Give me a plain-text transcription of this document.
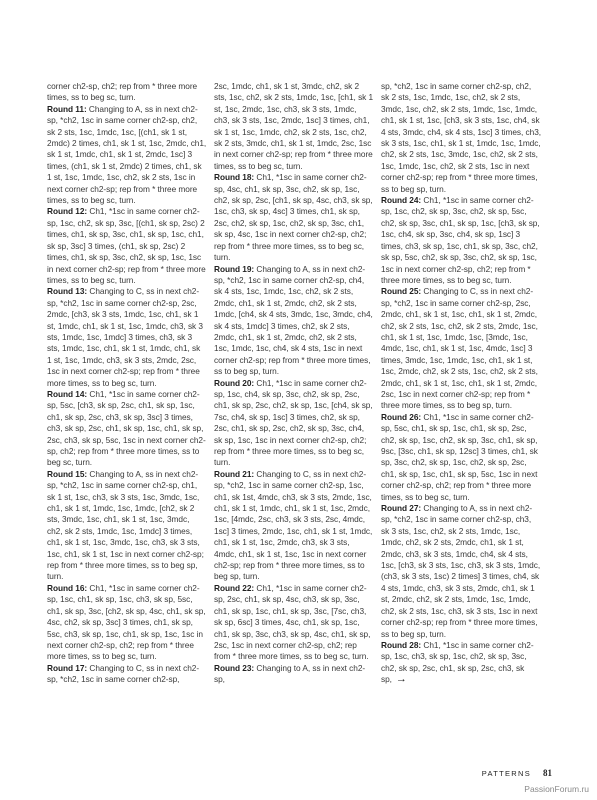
corner ch2-sp, ch2; rep from * three more times, ss to beg sc, turn.

Round 11: Changing to A, ss in next ch2-sp, *ch2, 1sc in same corner ch2-sp, ch2, sk 2 sts, 1sc, 1mdc, 1sc, [(ch1, sk 1 st, 2mdc) 2 times, ch1, sk 1 st, 1sc, 2mdc, ch1, sk 1 st, 1mdc, ch1, sk 1 st, 2mdc, 1sc] 3 times, (ch1, sk 1 st, 2mdc) 2 times, ch1, sk 1 st, 1sc, 1mdc, 1sc, ch2, sk 2 sts, 1sc in next corner ch2-sp; rep from * three more times, ss to beg sc, turn.

Round 12: Ch1, *1sc in same corner ch2-sp, 1sc, ch2, sk sp, 3sc, [(ch1, sk sp, 2sc) 2 times, ch1, sk sp, 3sc, ch1, sk sp, 1sc, ch1, sk sp, 3sc] 3 times, (ch1, sk sp, 2sc) 2 times, ch1, sk sp, 3sc, ch2, sk sp, 1sc, 1sc in next corner ch2-sp; rep from * three more times, ss to beg sc, turn.

Round 13: Changing to C, ss in next ch2-sp, *ch2, 1sc in same corner ch2-sp, 2sc, 2mdc, [ch3, sk 3 sts, 1mdc, 1sc, ch1, sk 1 st, 1mdc, ch1, sk 1 st, 1sc, 1mdc, ch3, sk 3 sts, 1mdc, 1sc, 1mdc] 3 times, ch3, sk 3 sts, 1mdc, 1sc, ch1, sk 1 st, 1mdc, ch1, sk 1 st, 1sc, 1mdc, ch3, sk 3 sts, 2mdc, 2sc, 1sc in next corner ch2-sp; rep from * three more times, ss to beg sc, turn.

Round 14: Ch1, *1sc in same corner ch2-sp, 5sc, [ch3, sk sp, 2sc, ch1, sk sp, 1sc, ch1, sk sp, 2sc, ch3, sk sp, 3sc] 3 times, ch3, sk sp, 2sc, ch1, sk sp, 1sc, ch1, sk sp, 2sc, ch3, sk sp, 5sc, 1sc in next corner ch2-sp, ch2; rep from * three more times, ss to beg sc, turn.

Round 15: Changing to A, ss in next ch2-sp, *ch2, 1sc in same corner ch2-sp, ch1, sk 1 st, 1sc, ch3, sk 3 sts, 1sc, 3mdc, 1sc, ch1, sk 1 st, 1mdc, 1sc, 1mdc, [ch2, sk 2 sts, 3mdc, 1sc, ch1, sk 1 st, 1sc, 3mdc, ch2, sk 2 sts, 1mdc, 1sc, 1mdc] 3 times, ch1, sk 1 st, 1sc, 3mdc, 1sc, ch3, sk 3 sts, 1sc, ch1, sk 1 st, 1sc in next corner ch2-sp; rep from * three more times, ss to beg sp, turn.

Round 16: Ch1, *1sc in same corner ch2-sp, 1sc, ch1, sk sp, 1sc, ch3, sk sp, 5sc, ch1, sk sp, 3sc, [ch2, sk sp, 4sc, ch1, sk sp, 4sc, ch2, sk sp, 3sc] 3 times, ch1, sk sp, 5sc, ch3, sk sp, 1sc, ch1, sk sp, 1sc, 1sc in next corner ch2-sp, ch2; rep from * three more times, ss to beg sc, turn.

Round 17: Changing to C, ss in next ch2-sp, *ch2, 1sc in same corner ch2-sp,

2sc, 1mdc, ch1, sk 1 st, 3mdc, ch2, sk 2 sts, 1sc, ch2, sk 2 sts, 1mdc, 1sc, [ch1, sk 1 st, 1sc, 2mdc, 1sc, ch3, sk 3 sts, 1mdc, ch3, sk 3 sts, 1sc, 2mdc, 1sc] 3 times, ch1, sk 1 st, 1sc, 1mdc, ch2, sk 2 sts, 1sc, ch2, sk 2 sts, 3mdc, ch1, sk 1 st, 1mdc, 2sc, 1sc in next corner ch2-sp; rep from * three more times, ss to beg sc, turn.

Round 18: Ch1, *1sc in same corner ch2-sp, 4sc, ch1, sk sp, 3sc, ch2, sk sp, 1sc, ch2, sk sp, 2sc, [ch1, sk sp, 4sc, ch3, sk sp, 1sc, ch3, sk sp, 4sc] 3 times, ch1, sk sp, 2sc, ch2, sk sp, 1sc, ch2, sk sp, 3sc, ch1, sk sp, 4sc, 1sc in next corner ch2-sp, ch2; rep from * three more times, ss to beg sc, turn.

Round 19: Changing to A, ss in next ch2-sp, *ch2, 1sc in same corner ch2-sp, ch4, sk 4 sts, 1sc, 1mdc, 1sc, ch2, sk 2 sts, 2mdc, ch1, sk 1 st, 2mdc, ch2, sk 2 sts, 1mdc, [ch4, sk 4 sts, 3mdc, 1sc, 3mdc, ch4, sk 4 sts, 1mdc] 3 times, ch2, sk 2 sts, 2mdc, ch1, sk 1 st, 2mdc, ch2, sk 2 sts, 1sc, 1mdc, 1sc, ch4, sk 4 sts, 1sc in next corner ch2-sp; rep from * three more times, ss to beg sp, turn.

Round 20: Ch1, *1sc in same corner ch2-sp, 1sc, ch4, sk sp, 3sc, ch2, sk sp, 2sc, ch1, sk sp, 2sc, ch2, sk sp, 1sc, [ch4, sk sp, 7sc, ch4, sk sp, 1sc] 3 times, ch2, sk sp, 2sc, ch1, sk sp, 2sc, ch2, sk sp, 3sc, ch4, sk sp, 1sc, 1sc in next corner ch2-sp, ch2; rep from * three more times, ss to beg sc, turn.

Round 21: Changing to C, ss in next ch2-sp, *ch2, 1sc in same corner ch2-sp, 1sc, ch1, sk 1st, 4mdc, ch3, sk 3 sts, 2mdc, 1sc, ch1, sk 1 st, 1mdc, ch1, sk 1 st, 1sc, 2mdc, 1sc, [4mdc, 2sc, ch3, sk 3 sts, 2sc, 4mdc, 1sc] 3 times, 2mdc, 1sc, ch1, sk 1 st, 1mdc, ch1, sk 1 st, 1sc, 2mdc, ch3, sk 3 sts, 4mdc, ch1, sk 1 st, 1sc, 1sc in next corner ch2-sp; rep from * three more times, ss to beg sp, turn.

Round 22: Ch1, *1sc in same corner ch2-sp, 2sc, ch1, sk sp, 4sc, ch3, sk sp, 3sc, ch1, sk sp, 1sc, ch1, sk sp, 3sc, [7sc, ch3, sk sp, 6sc] 3 times, 4sc, ch1, sk sp, 1sc, ch1, sk sp, 3sc, ch3, sk sp, 4sc, ch1, sk sp, 2sc, 1sc in next corner ch2-sp, ch2; rep from * three more times, ss to beg sc, turn.

Round 23: Changing to A, ss in next ch2-sp,

sp, *ch2, 1sc in same corner ch2-sp, ch2, sk 2 sts, 1sc, 1mdc, 1sc, ch2, sk 2 sts, 3mdc, 1sc, ch2, sk 2 sts, 1mdc, 1sc, 1mdc, ch1, sk 1 st, 1sc, [ch3, sk 3 sts, 1sc, ch4, sk 4 sts, 3mdc, ch4, sk 4 sts, 1sc] 3 times, ch3, sk 3 sts, 1sc, ch1, sk 1 st, 1mdc, 1sc, 1mdc, ch2, sk 2 sts, 1sc, 3mdc, 1sc, ch2, sk 2 sts, 1sc, 1mdc, 1sc, ch2, sk 2 sts, 1sc in next corner ch2-sp; rep from * three more times, ss to beg sp, turn.

Round 24: Ch1, *1sc in same corner ch2-sp, 1sc, ch2, sk sp, 3sc, ch2, sk sp, 5sc, ch2, sk sp, 3sc, ch1, sk sp, 1sc, [ch3, sk sp, 1sc, ch4, sk sp, 3sc, ch4, sk sp, 1sc] 3 times, ch3, sk sp, 1sc, ch1, sk sp, 3sc, ch2, sk sp, 5sc, ch2, sk sp, 3sc, ch2, sk sp, 1sc, 1sc in next corner ch2-sp, ch2; rep from * three more times, ss to beg sc, turn.

Round 25: Changing to C, ss in next ch2-sp, *ch2, 1sc in same corner ch2-sp, 2sc, 2mdc, ch1, sk 1 st, 1sc, ch1, sk 1 st, 2mdc, ch2, sk 2 sts, 1sc, ch2, sk 2 sts, 2mdc, 1sc, ch1, sk 1 st, 1sc, 1mdc, 1sc, [3mdc, 1sc, 4mdc, 1sc, ch1, sk 1 st, 1sc, 4mdc, 1sc] 3 times, 3mdc, 1sc, 1mdc, 1sc, ch1, sk 1 st, 1sc, 2mdc, ch2, sk 2 sts, 1sc, ch2, sk 2 sts, 2mdc, ch1, sk 1 st, 1sc, ch1, sk 1 st, 2mdc, 2sc, 1sc in next corner ch2-sp; rep from * three more times, ss to beg sp, turn.

Round 26: Ch1, *1sc in same corner ch2-sp, 5sc, ch1, sk sp, 1sc, ch1, sk sp, 2sc, ch2, sk sp, 1sc, ch2, sk sp, 3sc, ch1, sk sp, 9sc, [3sc, ch1, sk sp, 12sc] 3 times, ch1, sk sp, 3sc, ch2, sk sp, 1sc, ch2, sk sp, 2sc, ch1, sk sp, 1sc, ch1, sk sp, 5sc, 1sc in next corner ch2-sp, ch2; rep from * three more times, ss to beg sc, turn.

Round 27: Changing to A, ss in next ch2-sp, *ch2, 1sc in same corner ch2-sp, ch3, sk 3 sts, 1sc, ch2, sk 2 sts, 1mdc, 1sc, 1mdc, ch2, sk 2 sts, 2mdc, ch1, sk 1 st, 2mdc, ch3, sk 3 sts, 1mdc, ch4, sk 4 sts, 1sc, [ch3, sk 3 sts, 1sc, ch3, sk 3 sts, 1mdc, (ch3, sk 3 sts, 1sc) 2 times] 3 times, ch4, sk 4 sts, 1mdc, ch3, sk 3 sts, 2mdc, ch1, sk 1 st, 2mdc, ch2, sk 2 sts, 1mdc, 1sc, 1mdc, ch2, sk 2 sts, 1sc, ch3, sk 3 sts, 1sc in next corner ch2-sp; rep from * three more times, ss to beg sp, turn.

Round 28: Ch1, *1sc in same corner ch2-sp, 1sc, ch3, sk sp, 1sc, ch2, sk sp, 3sc, ch2, sk sp, 2sc, ch1, sk sp, 2sc, ch3, sk sp, →

PATTERNS 81
PassionForum.ru
